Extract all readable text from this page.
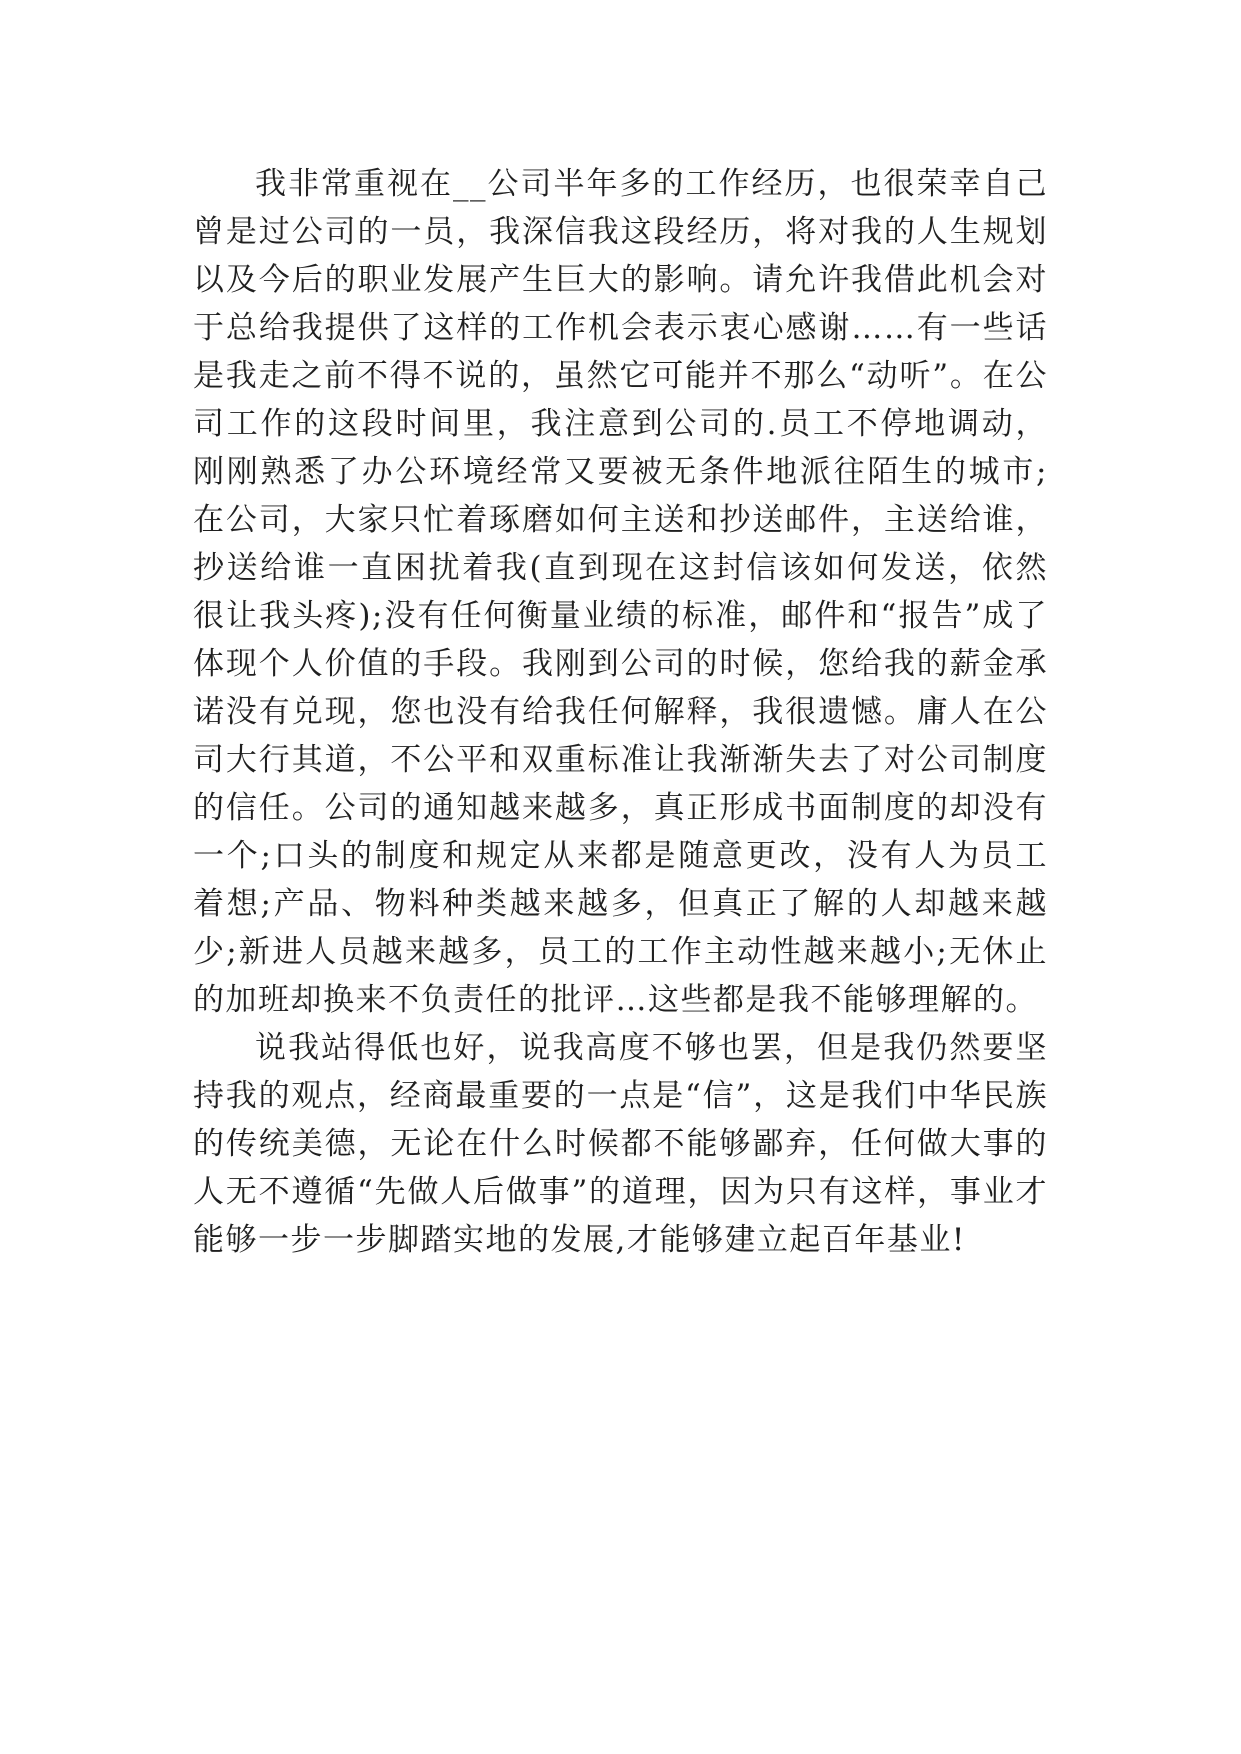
我非常重视在__公司半年多的工作经历，也很荣幸自己曾是过公司的一员，我深信我这段经历，将对我的人生规划以及今后的职业发展产生巨大的影响。请允许我借此机会对于总给我提供了这样的工作机会表示衷心感谢……有一些话是我走之前不得不说的，虽然它可能并不那么“动听”。在公司工作的这段时间里，我注意到公司的.员工不停地调动，刚刚熟悉了办公环境经常又要被无条件地派往陌生的城市;在公司，大家只忙着琢磨如何主送和抄送邮件，主送给谁，抄送给谁一直困扰着我(直到现在这封信该如何发送，依然很让我头疼);没有任何衡量业绩的标准，邮件和“报告”成了体现个人价值的手段。我刚到公司的时候，您给我的薪金承诺没有兑现，您也没有给我任何解释，我很遗憾。庸人在公司大行其道，不公平和双重标准让我渐渐失去了对公司制度的信任。公司的通知越来越多，真正形成书面制度的却没有一个;口头的制度和规定从来都是随意更改，没有人为员工着想;产品、物料种类越来越多，但真正了解的人却越来越少;新进人员越来越多，员工的工作主动性越来越小;无休止的加班却换来不负责任的批评…这些都是我不能够理解的。

说我站得低也好，说我高度不够也罢，但是我仍然要坚持我的观点，经商最重要的一点是“信”，这是我们中华民族的传统美德，无论在什么时候都不能够鄙弃，任何做大事的人无不遵循“先做人后做事”的道理，因为只有这样，事业才能够一步一步脚踏实地的发展,才能够建立起百年基业!
